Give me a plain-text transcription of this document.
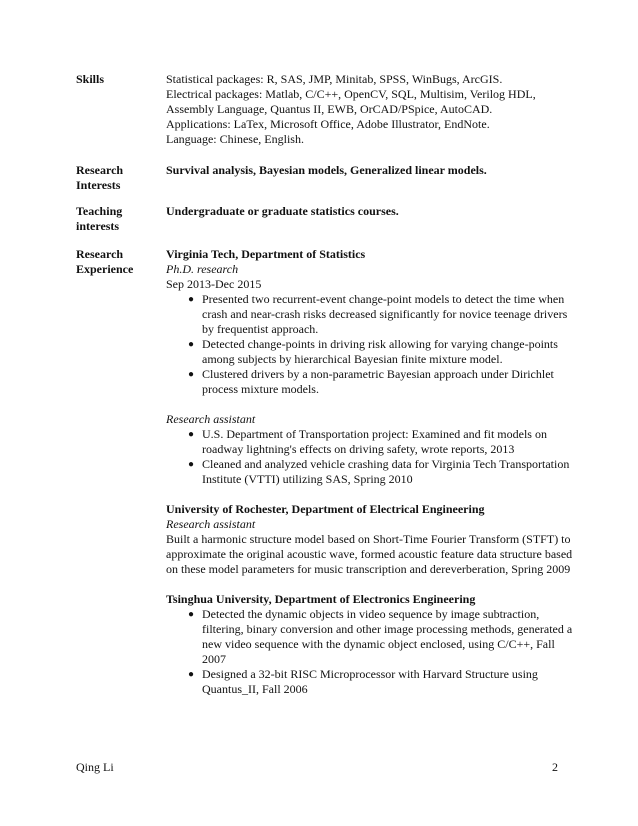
Skills	Statistical packages: R, SAS, JMP, Minitab, SPSS, WinBugs, ArcGIS.
Electrical packages: Matlab, C/C++, OpenCV, SQL, Multisim, Verilog HDL,
Assembly Language, Quantus II, EWB, OrCAD/PSpice, AutoCAD.
Applications: LaTex, Microsoft Office, Adobe Illustrator, EndNote.
Language: Chinese, English.
Research
Interests
Survival analysis, Bayesian models, Generalized linear models.
Teaching
interests
Undergraduate or graduate statistics courses.
Research
Experience
Virginia Tech, Department of Statistics
Ph.D. research
Sep 2013-Dec 2015
● Presented two recurrent-event change-point models to detect the time when
crash and near-crash risks decreased significantly for novice teenage drivers
by frequentist approach.
● Detected change-points in driving risk allowing for varying change-points
among subjects by hierarchical Bayesian finite mixture model.
● Clustered drivers by a non-parametric Bayesian approach under Dirichlet
process mixture models.
Research assistant
● U.S. Department of Transportation project: Examined and fit models on
roadway lightning's effects on driving safety, wrote reports, 2013
● Cleaned and analyzed vehicle crashing data for Virginia Tech Transportation
Institute (VTTI) utilizing SAS, Spring 2010
University of Rochester, Department of Electrical Engineering
Research assistant
Built a harmonic structure model based on Short-Time Fourier Transform (STFT) to
approximate the original acoustic wave, formed acoustic feature data structure based
on these model parameters for music transcription and dereverberation, Spring 2009
Tsinghua University, Department of Electronics Engineering
● Detected the dynamic objects in video sequence by image subtraction,
filtering, binary conversion and other image processing methods, generated a
new video sequence with the dynamic object enclosed, using C/C++, Fall
2007
● Designed a 32-bit RISC Microprocessor with Harvard Structure using
Quantus_II, Fall 2006
Qing Li	2
